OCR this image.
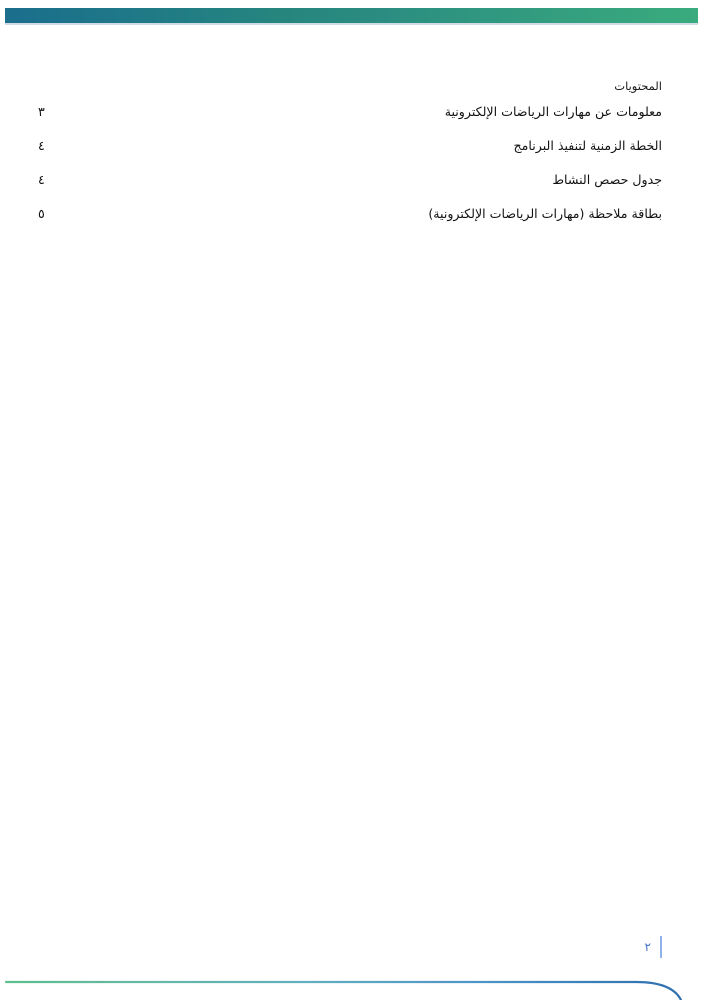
المحتويات
معلومات عن مهارات الرياضات الإلكترونية
.....
٣
الخطة الزمنية لتنفيذ البرنامج
.....
٤
جدول حصص النشاط
.....
٤
بطاقة ملاحظة (مهارات الرياضات الإلكترونية)
.....
٥
٢
